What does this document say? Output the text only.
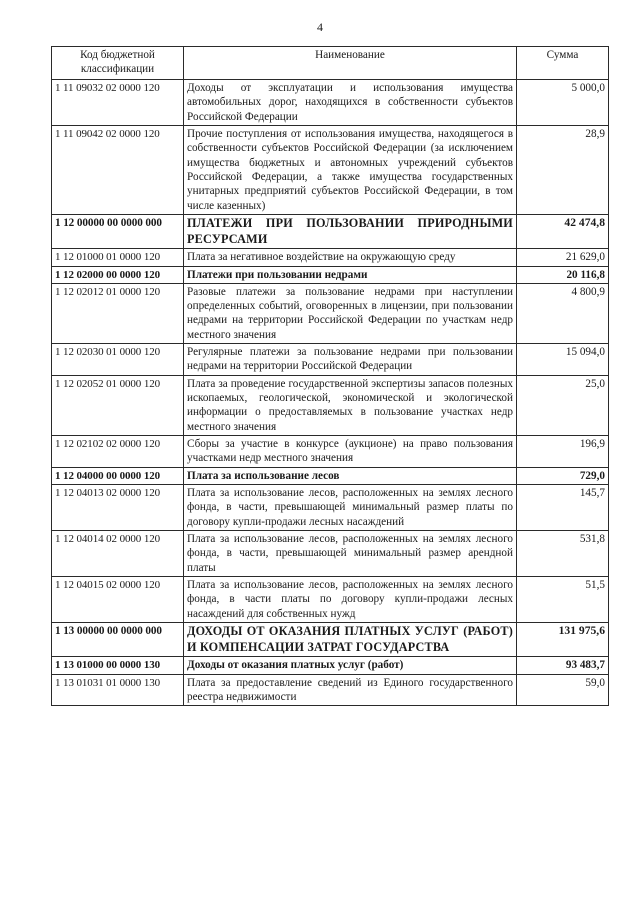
4
Код бюджетной классификации	Наименование	Сумма
1 11 09032 02 0000 120	Доходы от эксплуатации и использования имущества автомобильных дорог, находящихся в собственности субъектов Российской Федерации	5 000,0
1 11 09042 02 0000 120	Прочие поступления от использования имущества, находящегося в собственности субъектов Российской Федерации (за исключением имущества бюджетных и автономных учреждений субъектов Российской Федерации, а также имущества государственных унитарных предприятий субъектов Российской Федерации, в том числе казенных)	28,9
1 12 00000 00 0000 000	ПЛАТЕЖИ ПРИ ПОЛЬЗОВАНИИ ПРИРОДНЫМИ РЕСУРСАМИ	42 474,8
1 12 01000 01 0000 120	Плата за негативное воздействие на окружающую среду	21 629,0
1 12 02000 00 0000 120	Платежи при пользовании недрами	20 116,8
1 12 02012 01 0000 120	Разовые платежи за пользование недрами при наступлении определенных событий, оговоренных в лицензии, при пользовании недрами на территории Российской Федерации по участкам недр местного значения	4 800,9
1 12 02030 01 0000 120	Регулярные платежи за пользование недрами при пользовании недрами на территории Российской Федерации	15 094,0
1 12 02052 01 0000 120	Плата за проведение государственной экспертизы запасов полезных ископаемых, геологической, экономической и экологической информации о предоставляемых в пользование участках недр местного значения	25,0
1 12 02102 02 0000 120	Сборы за участие в конкурсе (аукционе) на право пользования участками недр местного значения	196,9
1 12 04000 00 0000 120	Плата за использование лесов	729,0
1 12 04013 02 0000 120	Плата за использование лесов, расположенных на землях лесного фонда, в части, превышающей минимальный размер платы по договору купли-продажи лесных насаждений	145,7
1 12 04014 02 0000 120	Плата за использование лесов, расположенных на землях лесного фонда, в части, превышающей минимальный размер арендной платы	531,8
1 12 04015 02 0000 120	Плата за использование лесов, расположенных на землях лесного фонда, в части платы по договору купли-продажи лесных насаждений для собственных нужд	51,5
1 13 00000 00 0000 000	ДОХОДЫ ОТ ОКАЗАНИЯ ПЛАТНЫХ УСЛУГ (РАБОТ) И КОМПЕНСАЦИИ ЗАТРАТ ГОСУДАРСТВА	131 975,6
1 13 01000 00 0000 130	Доходы от оказания платных услуг (работ)	93 483,7
1 13 01031 01 0000 130	Плата за предоставление сведений из Единого государственного реестра недвижимости	59,0
